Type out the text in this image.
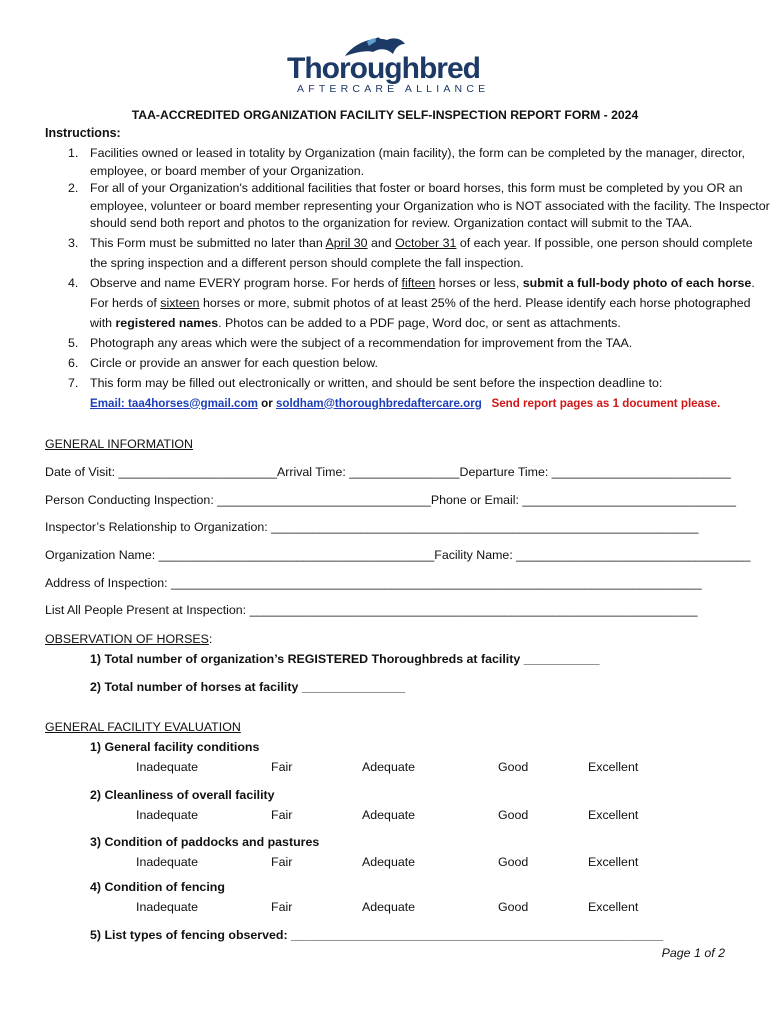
Thoroughbred
AFTERCARE ALLIANCE
TAA-ACCREDITED ORGANIZATION FACILITY SELF-INSPECTION REPORT FORM - 2024
Instructions:
1. Facilities owned or leased in totality by Organization (main facility), the form can be completed by the manager, director, employee, or board member of your Organization.
2. For all of your Organization's additional facilities that foster or board horses, this form must be completed by you OR an employee, volunteer or board member representing your Organization who is NOT associated with the facility. The Inspector should send both report and photos to the organization for review. Organization contact will submit to the TAA.
3. This Form must be submitted no later than April 30 and October 31 of each year. If possible, one person should complete the spring inspection and a different person should complete the fall inspection.
4. Observe and name EVERY program horse. For herds of fifteen horses or less, submit a full-body photo of each horse. For herds of sixteen horses or more, submit photos of at least 25% of the herd. Please identify each horse photographed with registered names. Photos can be added to a PDF page, Word doc, or sent as attachments.
5. Photograph any areas which were the subject of a recommendation for improvement from the TAA.
6. Circle or provide an answer for each question below.
7. This form may be filled out electronically or written, and should be sent before the inspection deadline to:
Email: taa4horses@gmail.com or soldham@thoroughbredaftercare.org Send report pages as 1 document please.
GENERAL INFORMATION
Date of Visit: _______________________Arrival Time: ________________Departure Time: __________________________
Person Conducting Inspection: _______________________________Phone or Email: _______________________________
Inspector’s Relationship to Organization: ______________________________________________________________
Organization Name: ________________________________________Facility Name: __________________________________
Address of Inspection: _____________________________________________________________________________
List All People Present at Inspection: _________________________________________________________________
OBSERVATION OF HORSES:
1) Total number of organization’s REGISTERED Thoroughbreds at facility ___________
2) Total number of horses at facility _______________
GENERAL FACILITY EVALUATION
1) General facility conditions
Inadequate	Fair	Adequate	Good	Excellent
2) Cleanliness of overall facility
Inadequate	Fair	Adequate	Good	Excellent
3) Condition of paddocks and pastures
Inadequate	Fair	Adequate	Good	Excellent
4) Condition of fencing
Inadequate	Fair	Adequate	Good	Excellent
5) List types of fencing observed: ______________________________________________________
Page 1 of 2
